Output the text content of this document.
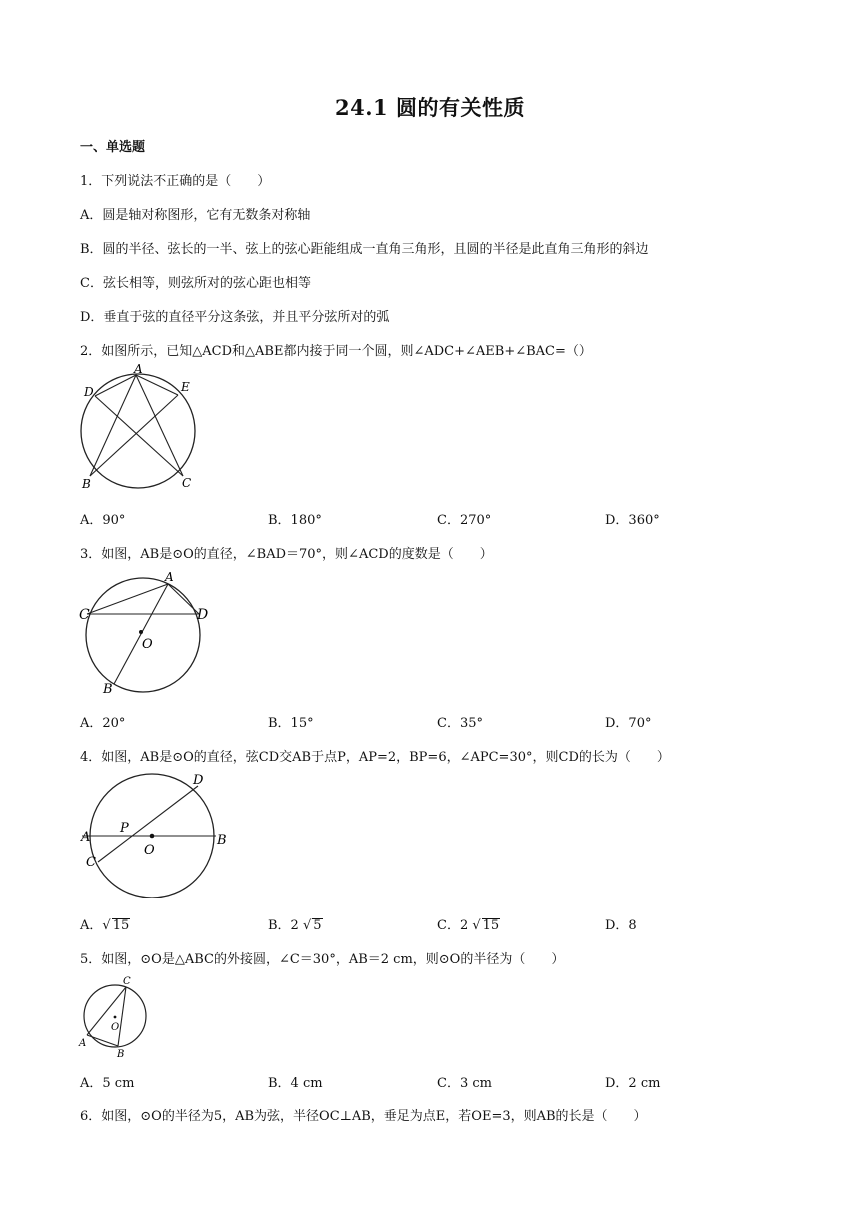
24.1 圆的有关性质
一、单选题
1．下列说法不正确的是（　　）
A．圆是轴对称图形，它有无数条对称轴
B．圆的半径、弦长的一半、弦上的弦心距能组成一直角三角形，且圆的半径是此直角三角形的斜边
C．弦长相等，则弦所对的弦心距也相等
D．垂直于弦的直径平分这条弦，并且平分弦所对的弧
2．如图所示，已知△ACD和△ABE都内接于同一个圆，则∠ADC+∠AEB+∠BAC=（）
A
D	E
B	C
A．90°	B．180°	C．270°	D．360°
3．如图，AB是⊙O的直径，∠BAD＝70°，则∠ACD的度数是（　　）
A
C	D
O
B
A．20°	B．15°	C．35°	D．70°
4．如图，AB是⊙O的直径，弦CD交AB于点P，AP=2，BP=6，∠APC=30°，则CD的长为（　　）
A
P
O
B
C
D
A．√ 15	B．2 √ 5	C．2 √ 15	D．8
5．如图，⊙O是△ABC的外接圆，∠C＝30°，AB＝2 cm，则⊙O的半径为（　　）
C
O
A
B
A．5 cm	B．4 cm	C．3 cm	D．2 cm
6．如图，⊙O的半径为5，AB为弦，半径OC⊥AB，垂足为点E，若OE=3，则AB的长是（　　）
